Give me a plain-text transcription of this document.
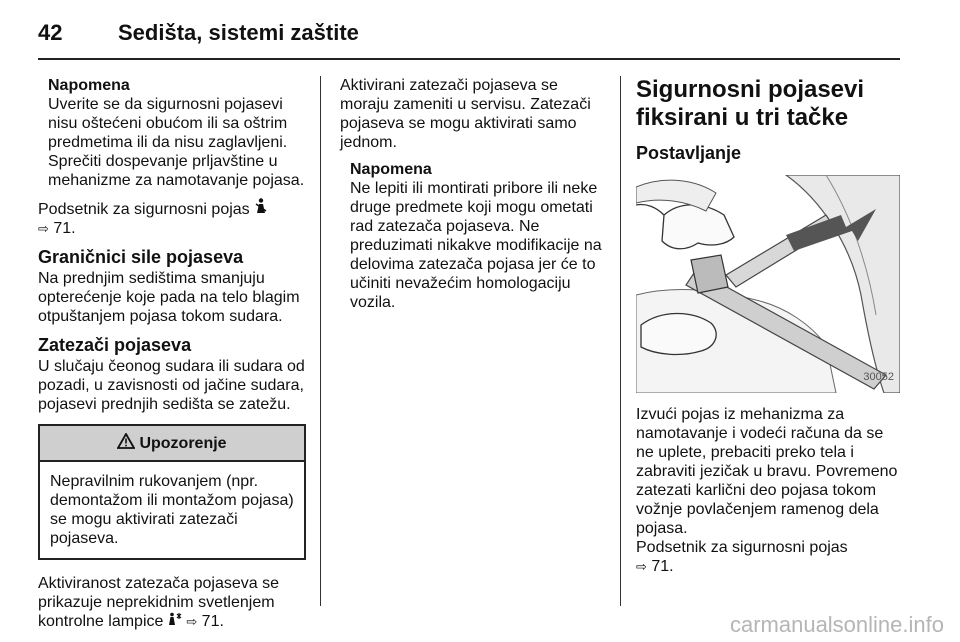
42	Sedišta, sistemi zaštite
Napomena
Uverite se da sigurnosni pojasevi nisu oštećeni obućom ili sa oštrim predmetima ili da nisu zaglavljeni. Sprečiti dospevanje prljavštine u mehanizme za namotavanje pojasa.

Podsetnik za sigurnosni pojas
⇨ 71.

Graničnici sile pojaseva

Na prednjim sedištima smanjuju opterećenje koje pada na telo blagim otpuštanjem pojasa tokom sudara.

Zatezači pojaseva

U slučaju čeonog sudara ili sudara od pozadi, u zavisnosti od jačine sudara, pojasevi prednjih sedišta se zatežu.

Upozorenje
Nepravilnim rukovanjem (npr. demontažom ili montažom pojasa) se mogu aktivirati zatezači pojaseva.

Aktiviranost zatezača pojaseva se prikazuje neprekidnim svetlenjem kontrolne lampice ⇨ 71.

Aktivirani zatezači pojaseva se moraju zameniti u servisu. Zatezači pojaseva se mogu aktivirati samo jednom.

Napomena
Ne lepiti ili montirati pribore ili neke druge predmete koji mogu ometati rad zatezača pojaseva. Ne preduzimati nikakve modifikacije na delovima zatezača pojasa jer će to učiniti nevažećim homologaciju vozila.
Sigurnosni pojasevi fiksirani u tri tačke
Postavljanje
30052

Izvući pojas iz mehanizma za namotavanje i vodeći računa da se ne uplete, prebaciti preko tela i zabraviti jezičak u bravu. Povremeno zatezati karlični deo pojasa tokom vožnje povlačenjem ramenog dela pojasa.
Podsetnik za sigurnosni pojas
⇨ 71.

carmanualsonline.info
